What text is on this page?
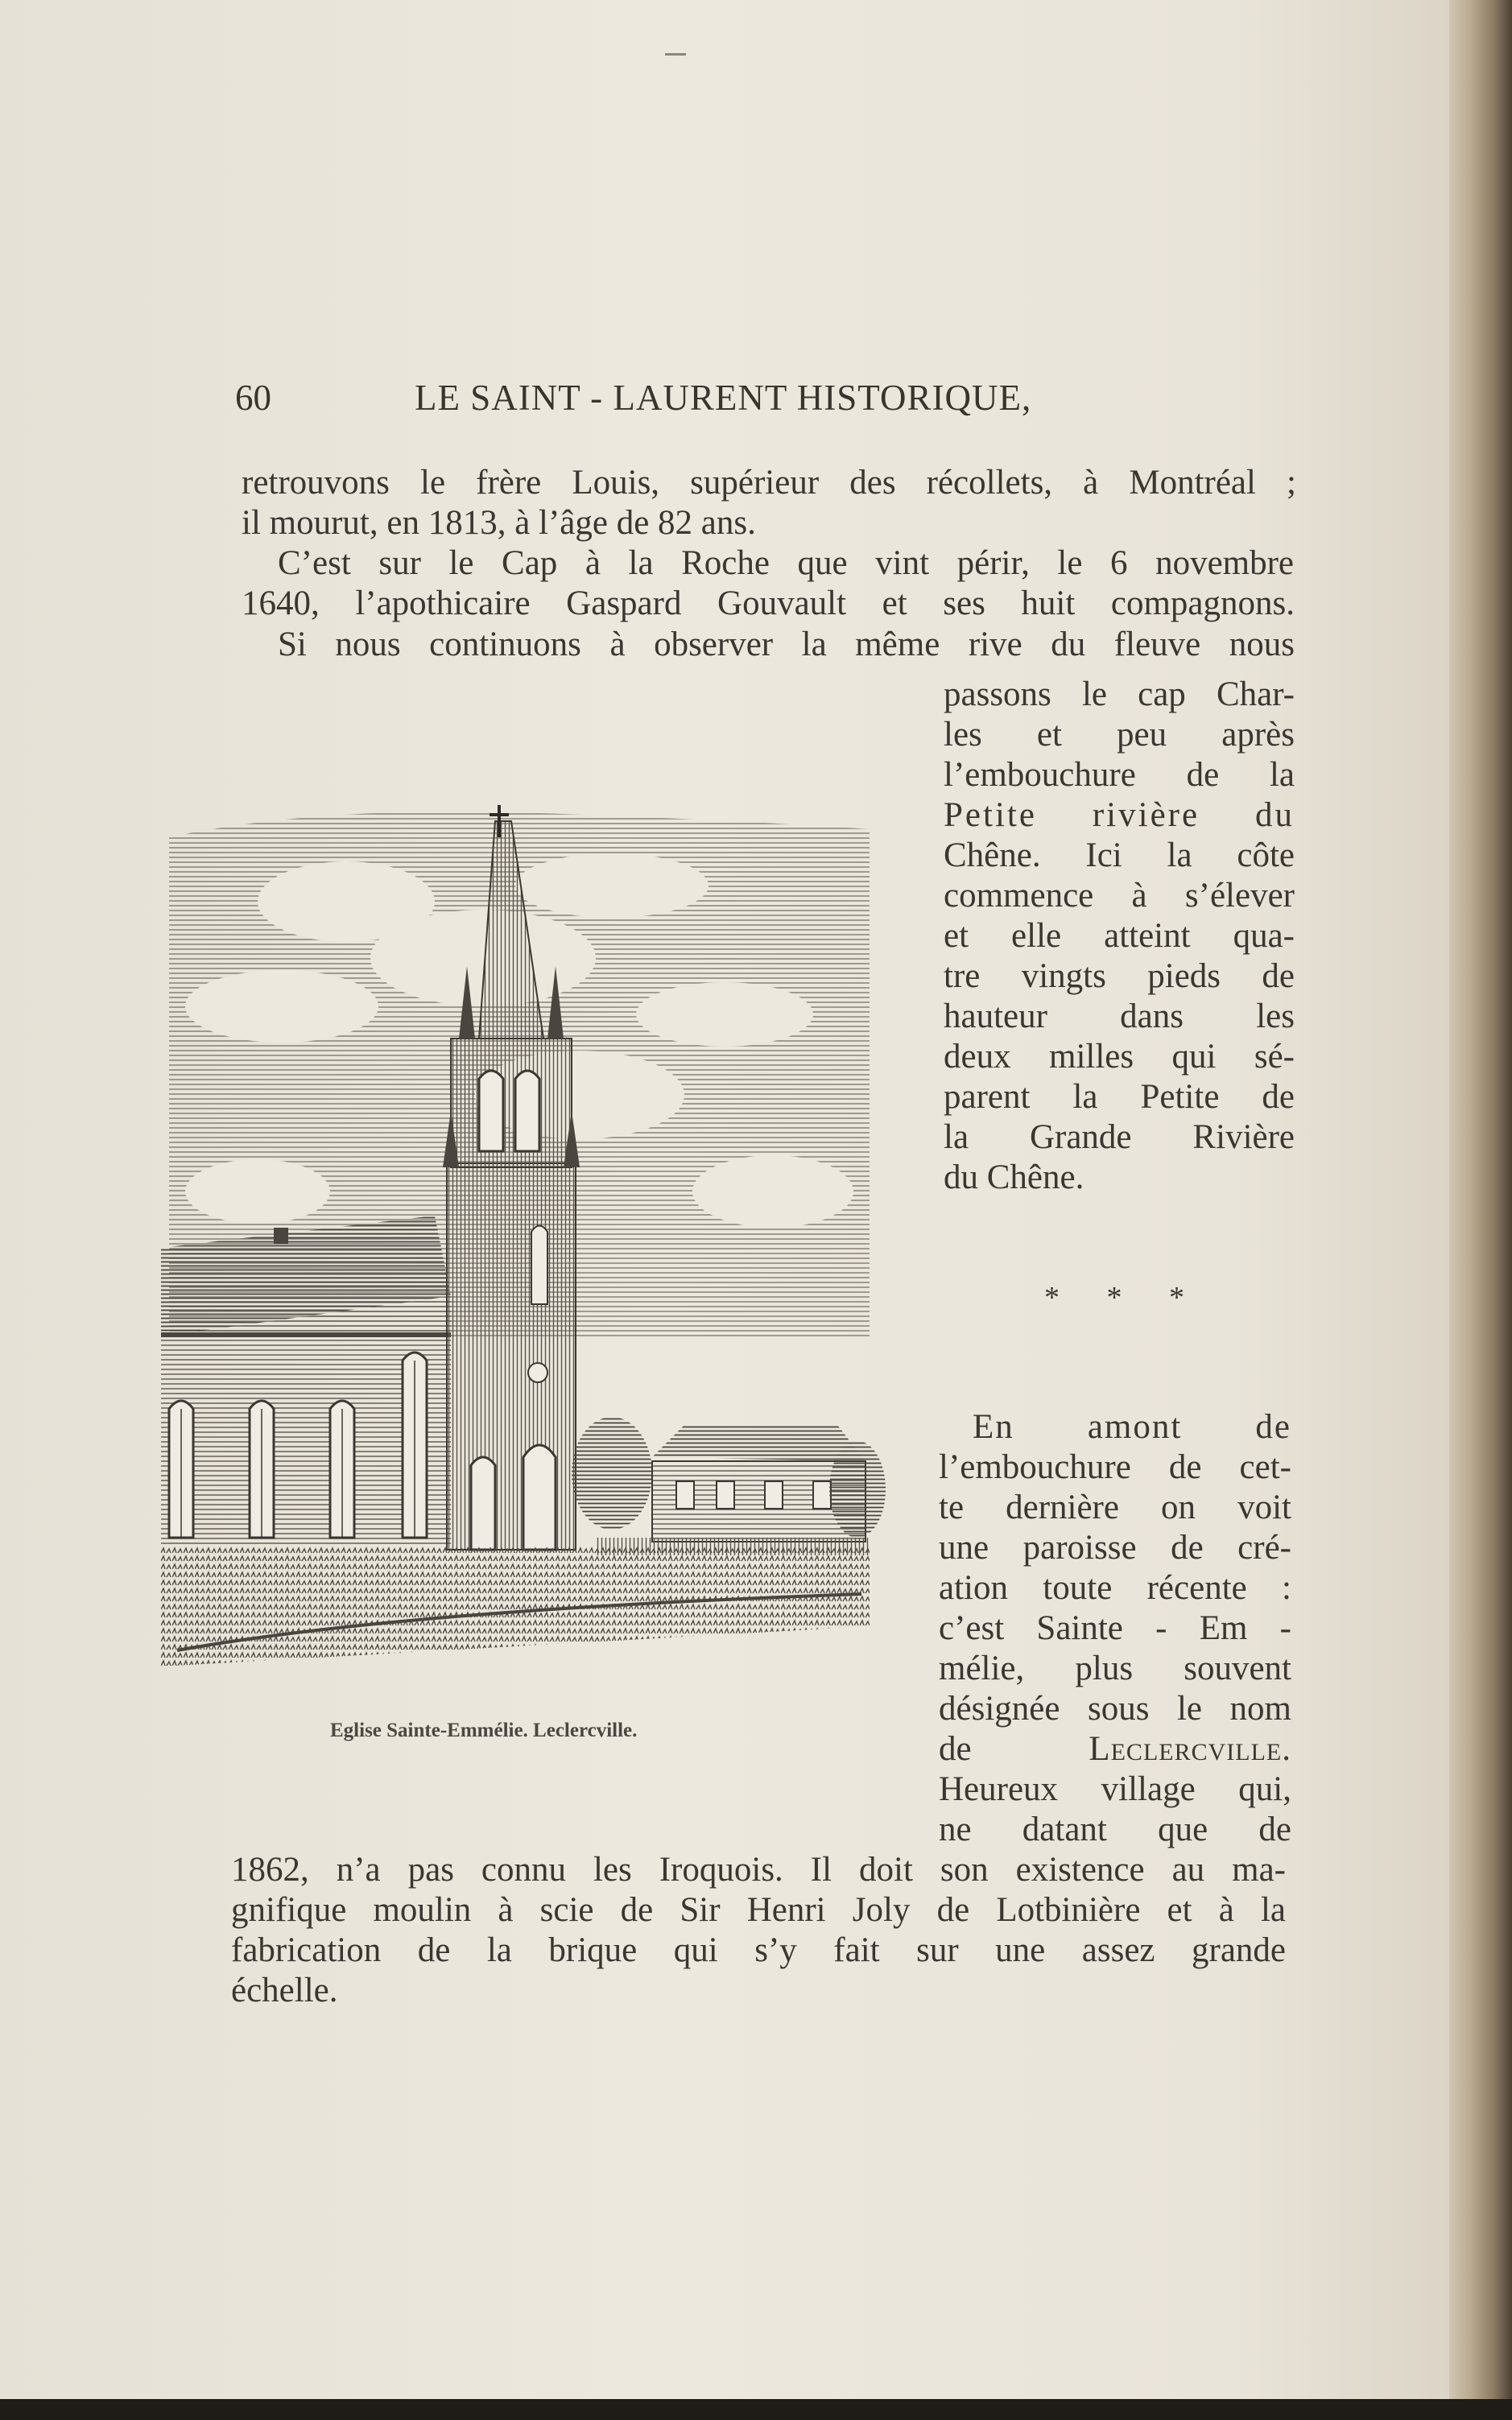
60	LE SAINT - LAURENT HISTORIQUE,
retrouvons le frère Louis, supérieur des récollets, à Montréal ;
il mourut, en 1813, à l’âge de 82 ans.
C’est sur le Cap à la Roche que vint périr, le 6 novembre
1640, l’apothicaire Gaspard Gouvault et ses huit compagnons.
Si nous continuons à observer la même rive du fleuve nous
passons le cap Char-
les et peu après
l’embouchure de la
Petite rivière du
Chêne. Ici la côte
commence à s’élever
et elle atteint qua-
tre vingts pieds de
hauteur dans les
deux milles qui sé-
parent la Petite de
la Grande Rivière
du Chêne.
* * *
En amont de
l’embouchure de cet-
te dernière on voit
une paroisse de cré-
ation toute récente :
c’est Sainte - Em -
mélie, plus souvent
désignée sous le nom
de	Leclercville.
Heureux village qui,
ne datant que de
1862, n’a pas connu les Iroquois. Il doit son existence au ma-
gnifique moulin à scie de Sir Henri Joly de Lotbinière et à la
fabrication de la brique qui s’y fait sur une assez grande
échelle.
Eglise Sainte-Emmélie. Leclercville.
